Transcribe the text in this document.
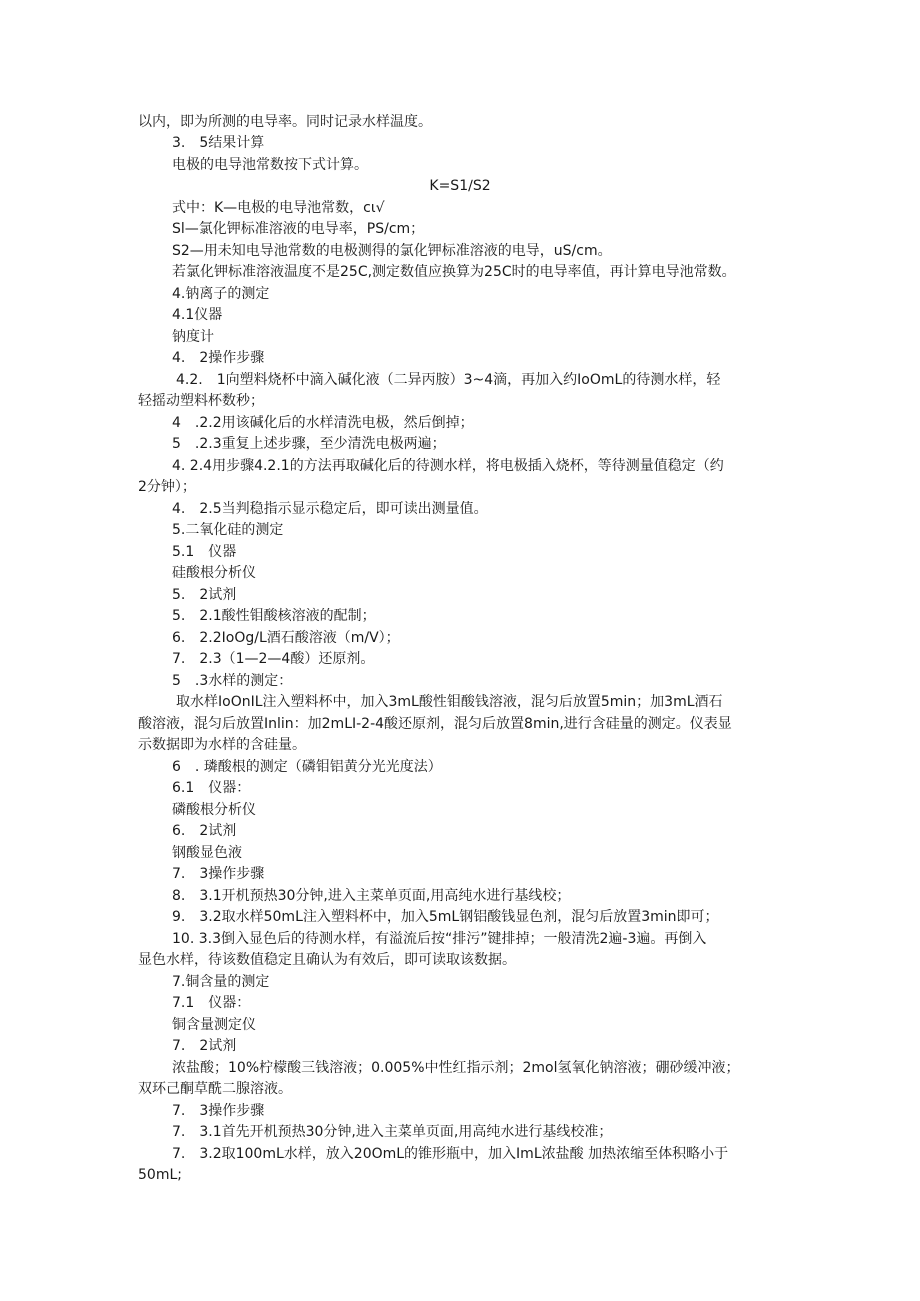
以内，即为所测的电导率。同时记录水样温度。
3.　5结果计算
电极的电导池常数按下式计算。
K=S1∕S2
式中：K—电极的电导池常数，cι√
Sl—氯化钾标准溶液的电导率，PS/cm；
S2—用未知电导池常数的电极测得的氯化钾标准溶液的电导，uS/cm。
若氯化钾标准溶液温度不是25C,测定数值应换算为25C时的电导率值，再计算电导池常数。
4.钠离子的测定
4.1仪器
钠度计
4.　2操作步骤
4.2.　1向塑料烧杯中滴入碱化液（二异丙胺）3~4滴，再加入约IoOmL的待测水样，轻
轻摇动塑料杯数秒；
4　.2.2用该碱化后的水样清洗电极，然后倒掉；
5　.2.3重复上述步骤，至少清洗电极两遍；
4. 2.4用步骤4.2.1的方法再取碱化后的待测水样，将电极插入烧杯，等待测量值稳定（约
2分钟）；
4.　2.5当判稳指示显示稳定后，即可读出测量值。
5.二氧化硅的测定
5.1　仪器
硅酸根分析仪
5.　2试剂
5.　2.1酸性钼酸核溶液的配制；
6.　2.2IoOg/L酒石酸溶液（m/V）；
7.　2.3（1—2—4酸）还原剂。
5　.3水样的测定：
取水样IoOnIL注入塑料杯中，加入3mL酸性钼酸钱溶液，混匀后放置5min；加3mL酒石
酸溶液，混匀后放置Inlin：加2mLI-2-4酸还原剂，混匀后放置8min,进行含硅量的测定。仪表显
示数据即为水样的含硅量。
6　. 璘酸根的测定（磷钼铝黄分光光度法）
6.1　仪器：
磷酸根分析仪
6.　2试剂
钢酸显色液
7.　3操作步骤
8.　3.1开机预热30分钟,进入主菜单页面,用高纯水进行基线校；
9.　3.2取水样50mL注入塑料杯中，加入5mL钢铝酸钱显色剂，混匀后放置3min即可；
10. 3.3倒入显色后的待测水样，有溢流后按“排污”键排掉；一般清洗2遍-3遍。再倒入
显色水样，待该数值稳定且确认为有效后，即可读取该数据。
7.铜含量的测定
7.1　仪器：
铜含量测定仪
7.　2试剂
浓盐酸；10%柠檬酸三钱溶液；0.005%中性红指示剂；2mol氢氧化钠溶液；硼砂缓冲液；
双环己酮草酰二腺溶液。
7.　3操作步骤
7.　3.1首先开机预热30分钟,进入主菜单页面,用高纯水进行基线校准；
7.　3.2取100mL水样，放入20OmL的锥形瓶中，加入ImL浓盐酸 加热浓缩至体积略小于
50mL;
